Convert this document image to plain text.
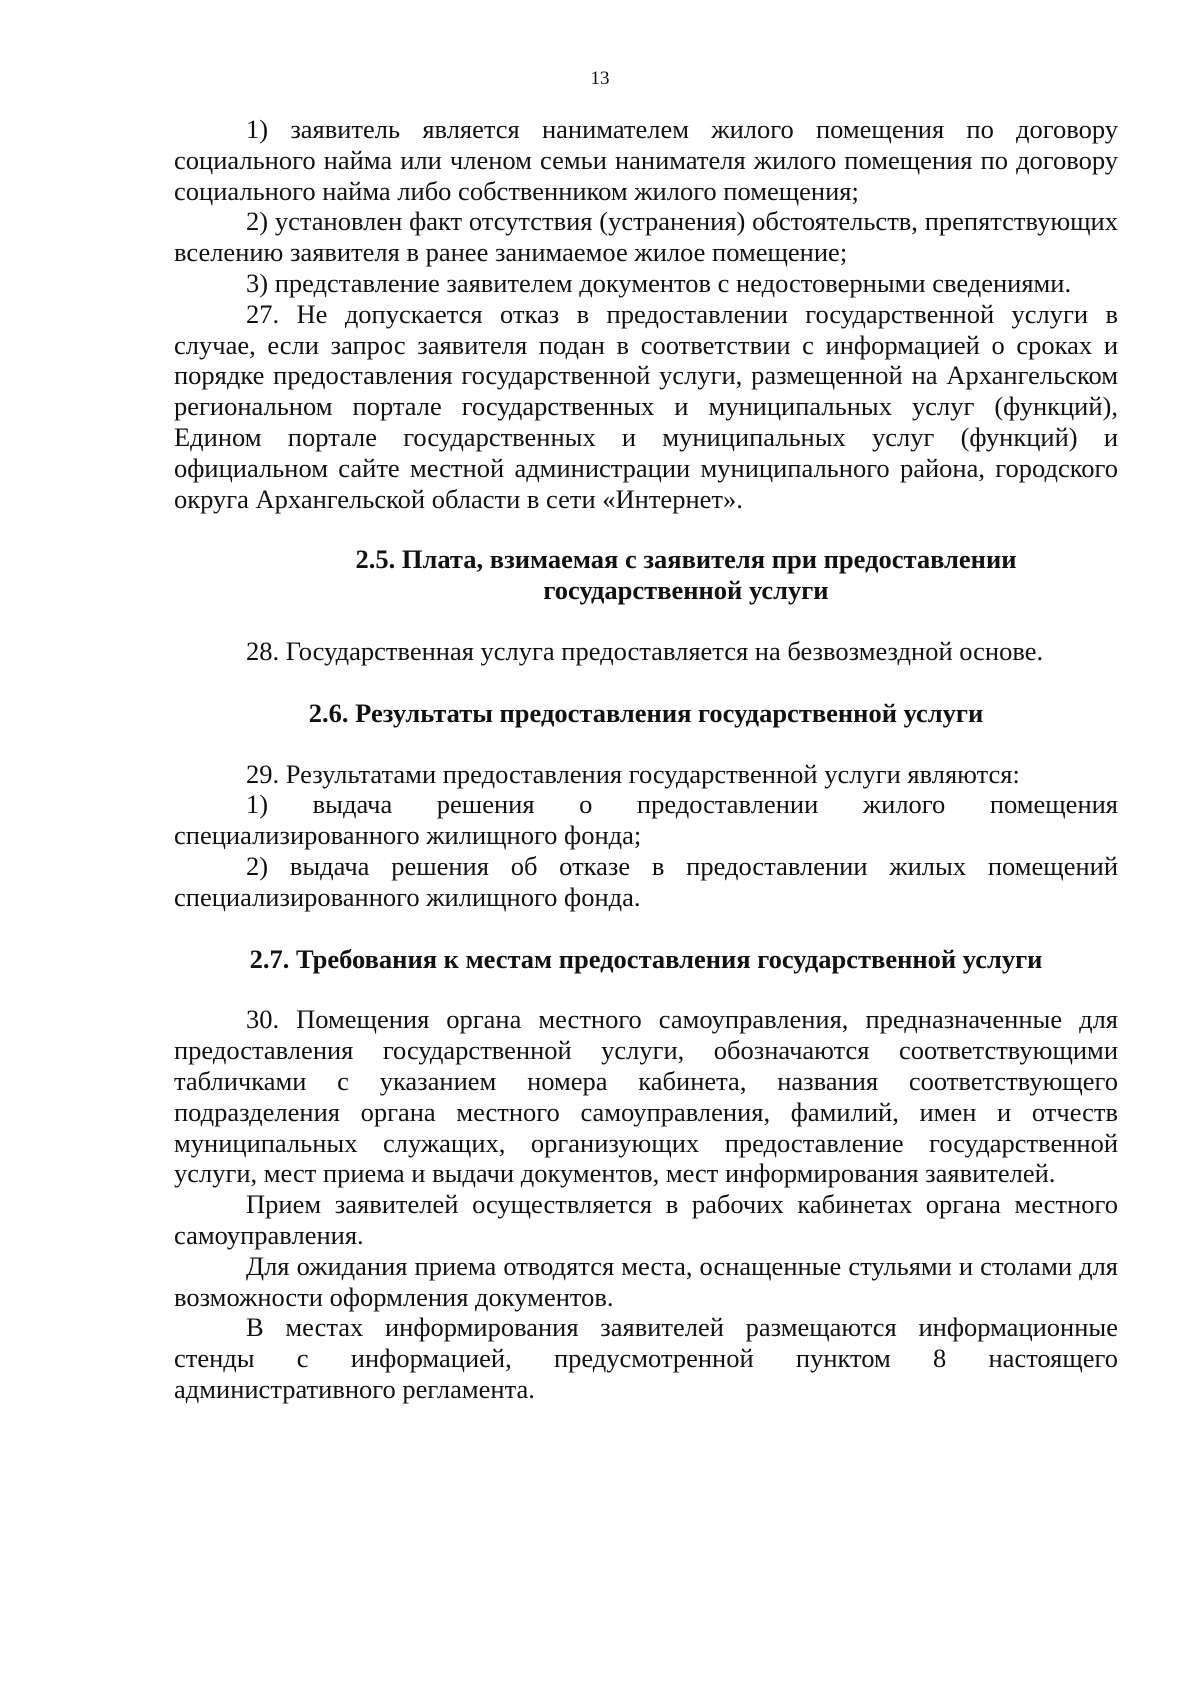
13

1) заявитель является нанимателем жилого помещения по договору социального найма или членом семьи нанимателя жилого помещения по договору социального найма либо собственником жилого помещения;

2) установлен факт отсутствия (устранения) обстоятельств, препятствующих вселению заявителя в ранее занимаемое жилое помещение;

3) представление заявителем документов с недостоверными сведениями.

27. Не допускается отказ в предоставлении государственной услуги в случае, если запрос заявителя подан в соответствии с информацией о сроках и порядке предоставления государственной услуги, размещенной на Архангельском региональном портале государственных и муниципальных услуг (функций), Едином портале государственных и муниципальных услуг (функций) и официальном сайте местной администрации муниципального района, городского округа Архангельской области в сети «Интернет».

2.5. Плата, взимаемая с заявителя при предоставлении
государственной услуги

28. Государственная услуга предоставляется на безвозмездной основе.

2.6. Результаты предоставления государственной услуги

29. Результатами предоставления государственной услуги являются:

1) выдача решения о предоставлении жилого помещения специализированного жилищного фонда;

2) выдача решения об отказе в предоставлении жилых помещений специализированного жилищного фонда.

2.7. Требования к местам предоставления государственной услуги

30. Помещения органа местного самоуправления, предназначенные для предоставления государственной услуги, обозначаются соответствующими табличками с указанием номера кабинета, названия соответствующего подразделения органа местного самоуправления, фамилий, имен и отчеств муниципальных служащих, организующих предоставление государственной услуги, мест приема и выдачи документов, мест информирования заявителей.

Прием заявителей осуществляется в рабочих кабинетах органа местного самоуправления.

Для ожидания приема отводятся места, оснащенные стульями и столами для возможности оформления документов.

В местах информирования заявителей размещаются информационные стенды с информацией, предусмотренной пунктом 8 настоящего административного регламента.
